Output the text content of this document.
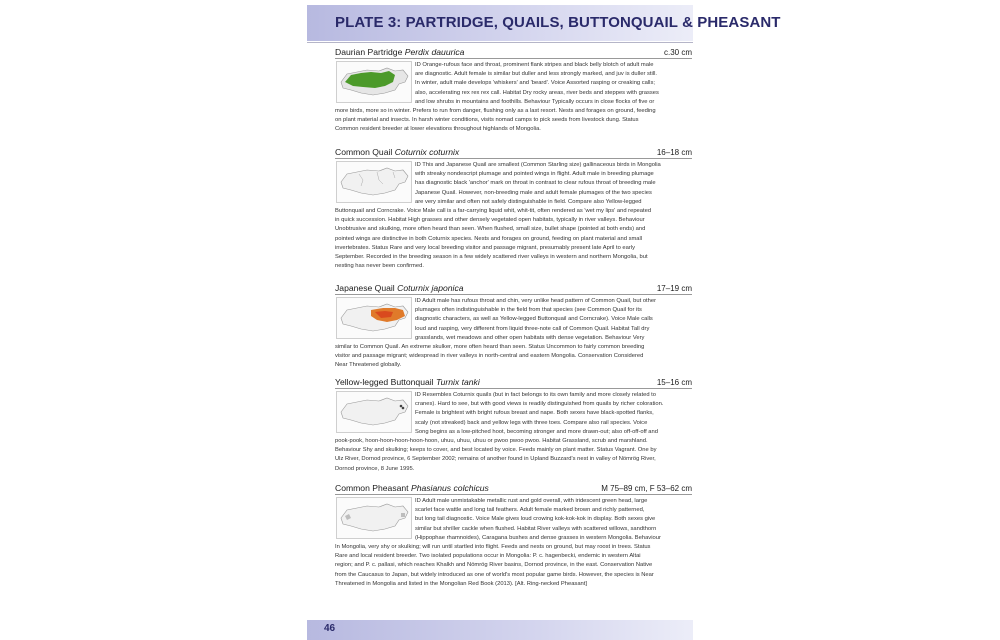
PLATE 3: PARTRIDGE, QUAILS, BUTTONQUAIL & PHEASANT
Daurian Partridge Perdix dauurica	c.30 cm
ID Orange-rufous face and throat, prominent flank stripes and black belly blotch of adult male
are diagnostic. Adult female is similar but duller and less strongly marked, and juv is duller still.
In winter, adult male develops 'whiskers' and 'beard'. Voice Assorted rasping or creaking calls;
also, accelerating rex rex rex call. Habitat Dry rocky areas, river beds and steppes with grasses
and low shrubs in mountains and foothills. Behaviour Typically occurs in close flocks of five or
more birds, more so in winter. Prefers to run from danger, flushing only as a last resort. Nests and forages on ground, feeding
on plant material and insects. In harsh winter conditions, visits nomad camps to pick seeds from livestock dung. Status
Common resident breeder at lower elevations throughout highlands of Mongolia.
Common Quail Coturnix coturnix	16–18 cm
ID This and Japanese Quail are smallest (Common Starling size) gallinaceous birds in Mongolia
with streaky nondescript plumage and pointed wings in flight. Adult male in breeding plumage
has diagnostic black 'anchor' mark on throat in contrast to clear rufous throat of breeding male
Japanese Quail. However, non-breeding male and adult female plumages of the two species
are very similar and often not safely distinguishable in field. Compare also Yellow-legged
Buttonquail and Corncrake. Voice Male call is a far-carrying liquid whit, whit-tit, often rendered as 'wet my lips' and repeated
in quick succession. Habitat High grasses and other densely vegetated open habitats, typically in river valleys. Behaviour
Unobtrusive and skulking, more often heard than seen. When flushed, small size, bullet shape (pointed at both ends) and
pointed wings are distinctive in both Coturnix species. Nests and forages on ground, feeding on plant material and small
invertebrates. Status Rare and very local breeding visitor and passage migrant, presumably present late April to early
September. Recorded in the breeding season in a few widely scattered river valleys in western and northern Mongolia, but
nesting has never been confirmed.
Japanese Quail Coturnix japonica	17–19 cm
ID Adult male has rufous throat and chin, very unlike head pattern of Common Quail, but other
plumages often indistinguishable in the field from that species (see Common Quail for its
diagnostic characters, as well as Yellow-legged Buttonquail and Corncrake). Voice Male calls
loud and rasping, very different from liquid three-note call of Common Quail. Habitat Tall dry
grasslands, wet meadows and other open habitats with dense vegetation. Behaviour Very
similar to Common Quail. An extreme skulker, more often heard than seen. Status Uncommon to fairly common breeding
visitor and passage migrant; widespread in river valleys in north-central and eastern Mongolia. Conservation Considered
Near Threatened globally.
Yellow-legged Buttonquail Turnix tanki	15–16 cm
ID Resembles Coturnix quails (but in fact belongs to its own family and more closely related to
cranes). Hard to see, but with good views is readily distinguished from quails by richer coloration.
Female is brightest with bright rufous breast and nape. Both sexes have black-spotted flanks,
scaly (not streaked) back and yellow legs with three toes. Compare also rail species. Voice
Song begins as a low-pitched hoot, becoming stronger and more drawn-out; also off-off-off and
pook-pook, hoon-hoon-hoon-hoon-hoon, uhuu, uhuu, uhuu or pwoo pwoo pwoo. Habitat Grassland, scrub and marshland.
Behaviour Shy and skulking; keeps to cover, and best located by voice. Feeds mainly on plant matter. Status Vagrant. One by
Ulz River, Dornod province, 6 September 2002; remains of another found in Upland Buzzard's nest in valley of Nömrög River,
Dornod province, 8 June 1995.
Common Pheasant Phasianus colchicus	M 75–89 cm, F 53–62 cm
ID Adult male unmistakable metallic rust and gold overall, with iridescent green head, large
scarlet face wattle and long tail feathers. Adult female marked brown and richly patterned,
but long tail diagnostic. Voice Male gives loud crowing kok-kok-kok in display. Both sexes give
similar but shriller cackle when flushed. Habitat River valleys with scattered willows, sandthorn
(Hippophae rhamnoides), Caragana bushes and dense grasses in western Mongolia. Behaviour
In Mongolia, very shy or skulking; will run until startled into flight. Feeds and nests on ground, but may roost in trees. Status
Rare and local resident breeder. Two isolated populations occur in Mongolia: P. c. hagenbecki, endemic in western Altai
region; and P. c. pallasi, which reaches Khalkh and Nömrög River basins, Dornod province, in the east. Conservation Native
from the Caucasus to Japan, but widely introduced as one of world's most popular game birds. However, the species is Near
Threatened in Mongolia and listed in the Mongolian Red Book (2013). [Alt. Ring-necked Pheasant]
46
